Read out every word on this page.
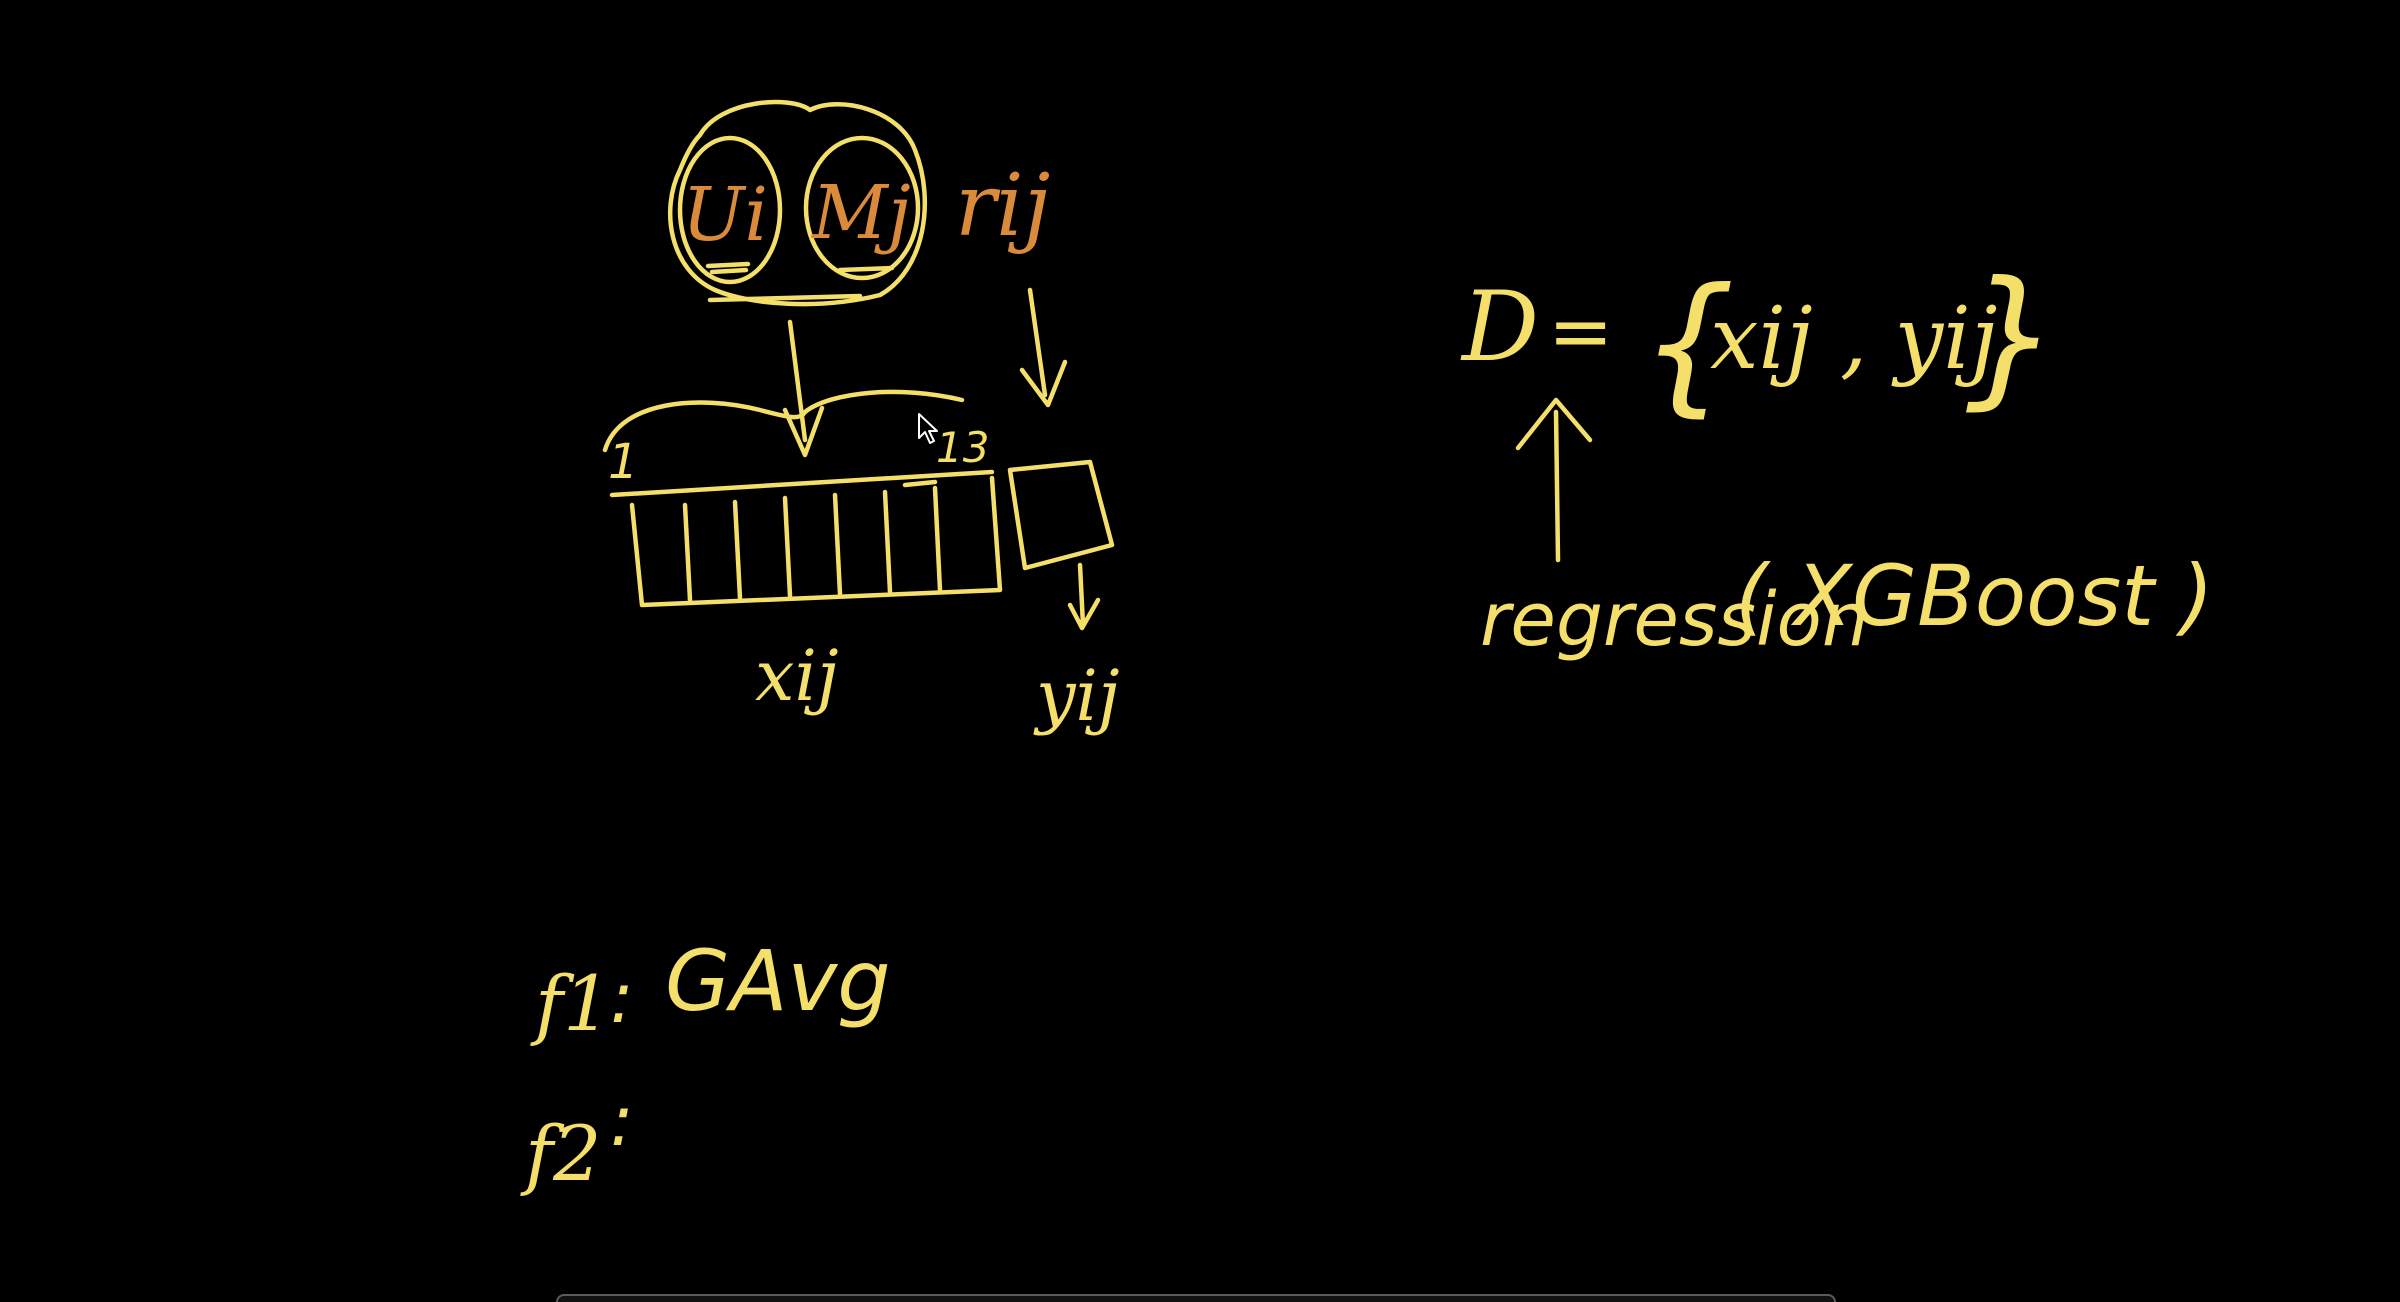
Ui Mj rij
1	13
xij	yij
D = {
xij , yij
}
regression
( XGBoost )
f1
: GAvg
f2 :
